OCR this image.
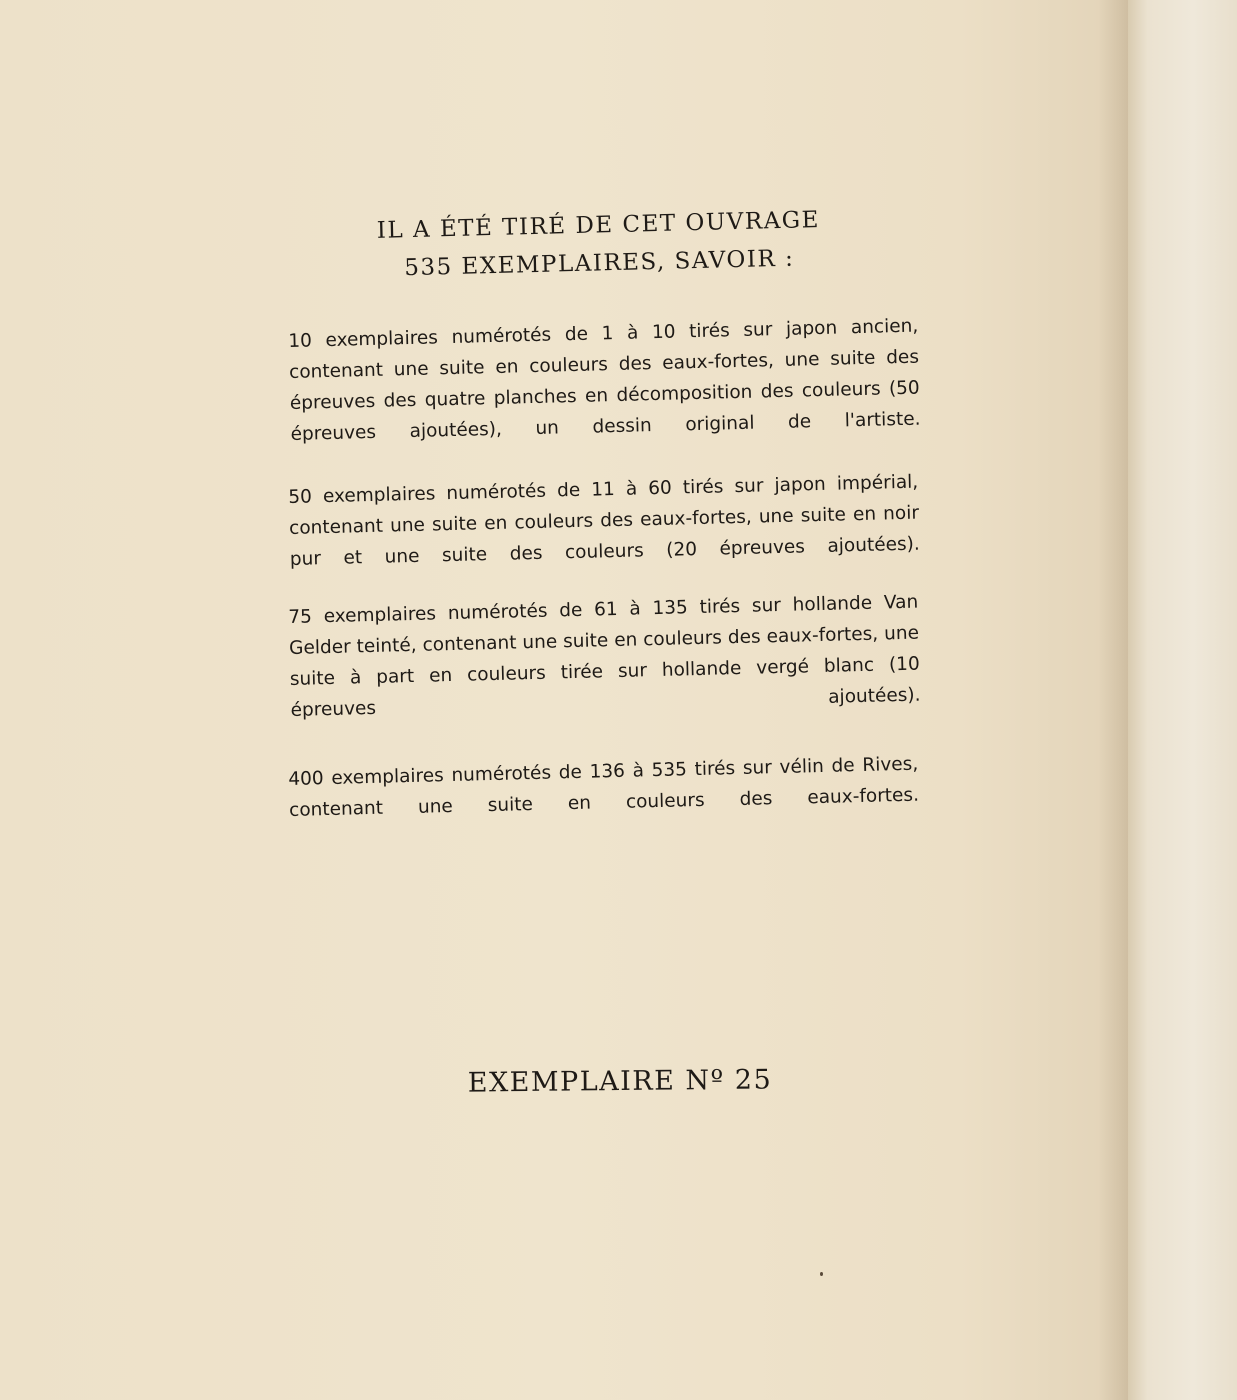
IL A ÉTÉ TIRÉ DE CET OUVRAGE
535 EXEMPLAIRES, SAVOIR :
10 exemplaires numérotés de 1 à 10 tirés sur japon ancien, contenant une suite en couleurs des eaux-fortes, une suite des épreuves des quatre planches en décomposition des couleurs (50 épreuves ajoutées), un dessin original de l'artiste.
50 exemplaires numérotés de 11 à 60 tirés sur japon impérial, contenant une suite en couleurs des eaux-fortes, une suite en noir pur et une suite des couleurs (20 épreuves ajoutées).
75 exemplaires numérotés de 61 à 135 tirés sur hollande Van Gelder teinté, contenant une suite en couleurs des eaux-fortes, une suite à part en couleurs tirée sur hollande vergé blanc (10 épreuves ajoutées).
400 exemplaires numérotés de 136 à 535 tirés sur vélin de Rives, contenant une suite en couleurs des eaux-fortes.
EXEMPLAIRE Nº 25
